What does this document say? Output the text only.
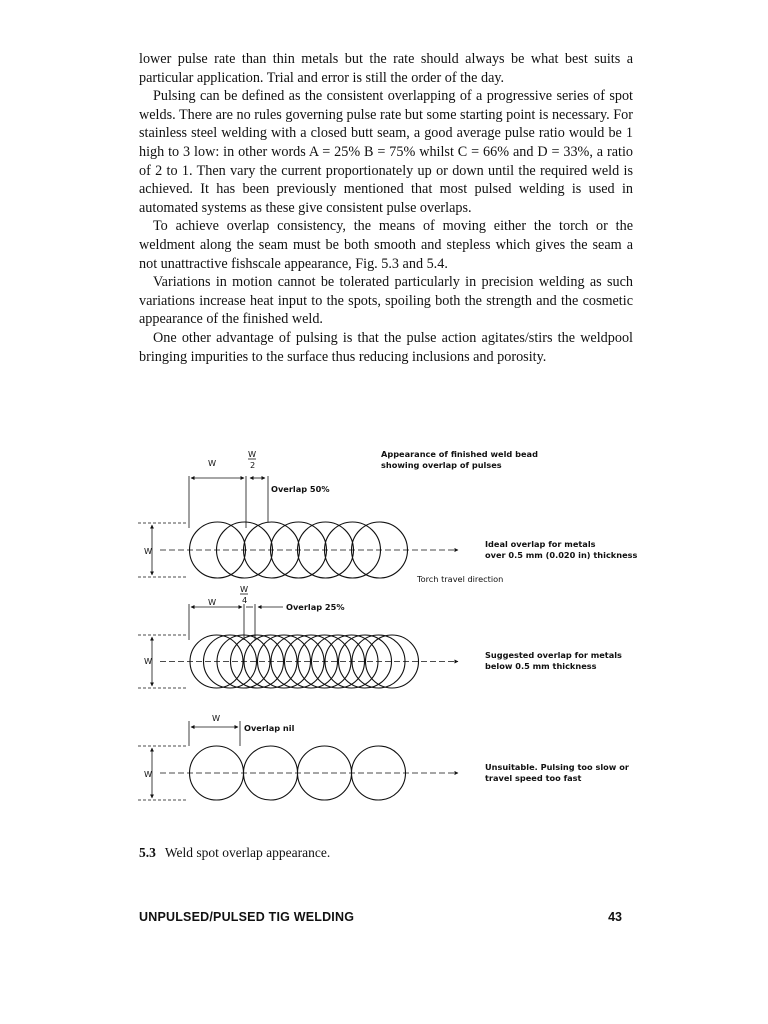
lower pulse rate than thin metals but the rate should always be what best suits a particular application. Trial and error is still the order of the day.

Pulsing can be defined as the consistent overlapping of a progressive series of spot welds. There are no rules governing pulse rate but some starting point is necessary. For stainless steel welding with a closed butt seam, a good average pulse ratio would be 1 high to 3 low: in other words A = 25% B = 75% whilst C = 66% and D = 33%, a ratio of 2 to 1. Then vary the current proportionately up or down until the required weld is achieved. It has been previously mentioned that most pulsed welding is used in automated systems as these give consistent pulse overlaps.

To achieve overlap consistency, the means of moving either the torch or the weldment along the seam must be both smooth and stepless which gives the seam a not unattractive fishscale appearance, Fig. 5.3 and 5.4.

Variations in motion cannot be tolerated particularly in precision welding as such variations increase heat input to the spots, spoiling both the strength and the cosmetic appearance of the finished weld.

One other advantage of pulsing is that the pulse action agitates/stirs the weldpool bringing impurities to the surface thus reducing inclusions and porosity.

Appearance of finished weld bead
showing overlap of pulses
W
W
2
Overlap 50%
W
Ideal overlap for metals
over 0.5 mm (0.020 in) thickness
Torch travel direction
W
W
4
Overlap 25%
W
Suggested overlap for metals
below 0.5 mm thickness
W
Overlap nil
W
Unsuitable. Pulsing too slow or
travel speed too fast
5.3 Weld spot overlap appearance.
UNPULSED/PULSED TIG WELDING	43
